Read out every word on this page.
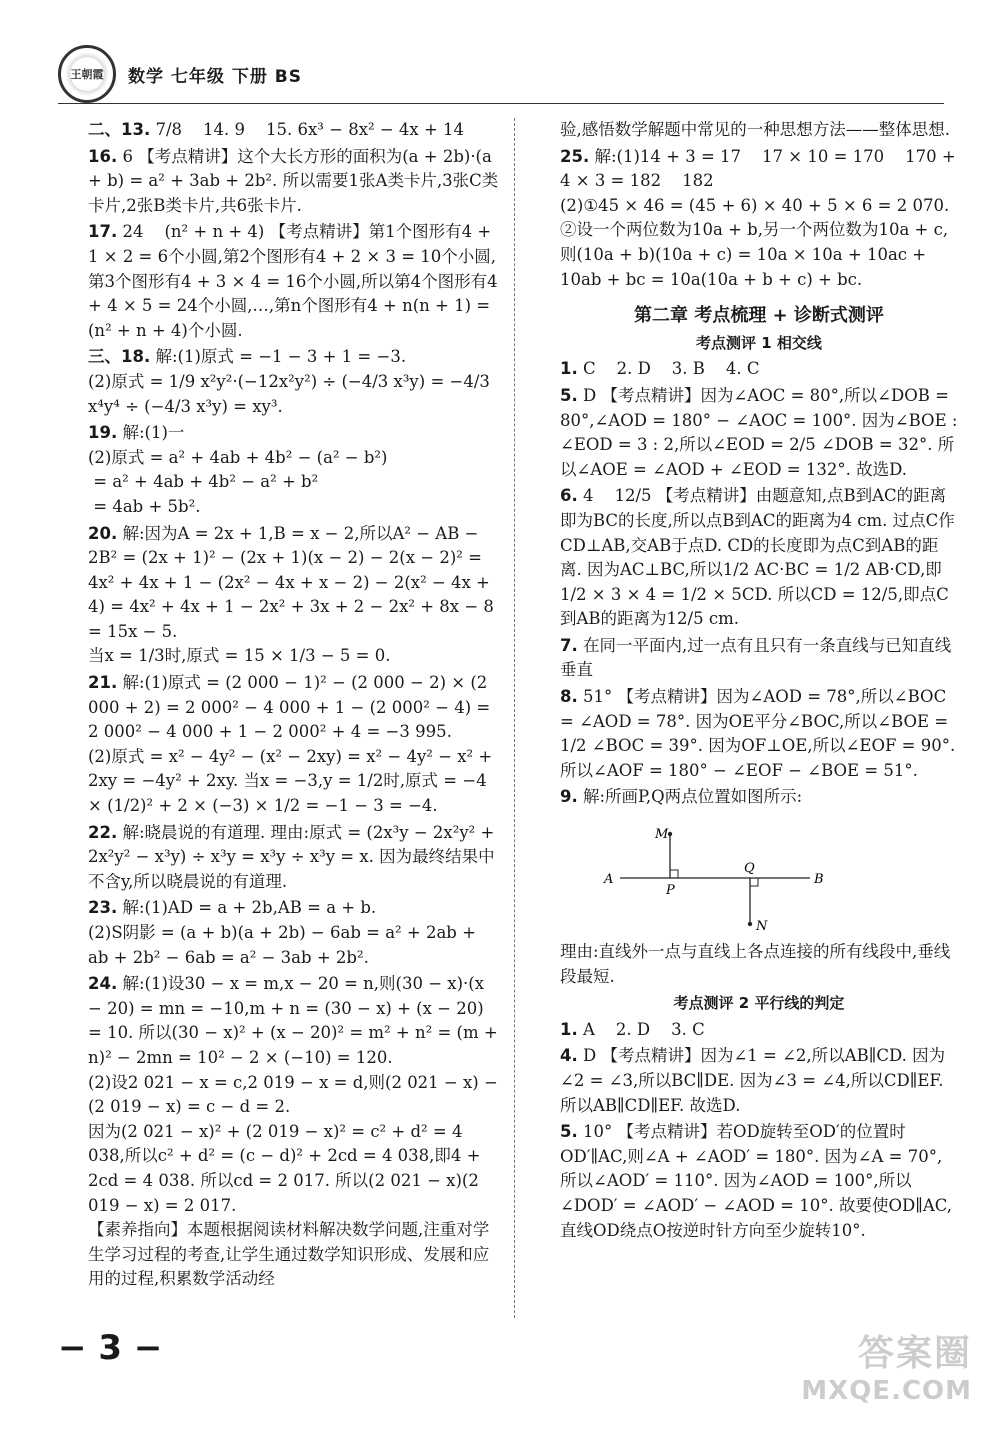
王朝霞 数学 七年级 下册 BS
二、13. 7/8    14. 9    15. 6x³ − 8x² − 4x + 14
16. 6 【考点精讲】这个大长方形的面积为(a + 2b)·(a + b) = a² + 3ab + 2b². 所以需要1张A类卡片,3张C类卡片,2张B类卡片,共6张卡片.
17. 24    (n² + n + 4) 【考点精讲】第1个图形有4 + 1 × 2 = 6个小圆,第2个图形有4 + 2 × 3 = 10个小圆,第3个图形有4 + 3 × 4 = 16个小圆,所以第4个图形有4 + 4 × 5 = 24个小圆,…,第n个图形有4 + n(n + 1) = (n² + n + 4)个小圆.
三、18. 解:(1)原式 = −1 − 3 + 1 = −3.
(2)原式 = 1/9 x²y²·(−12x²y²) ÷ (−4/3 x³y) = −4/3 x⁴y⁴ ÷ (−4/3 x³y) = xy³.
19. 解:(1)一
(2)原式 = a² + 4ab + 4b² − (a² − b²)
= a² + 4ab + 4b² − a² + b²
= 4ab + 5b².
20. 解:因为A = 2x + 1,B = x − 2,所以A² − AB − 2B² = (2x + 1)² − (2x + 1)(x − 2) − 2(x − 2)² = 4x² + 4x + 1 − (2x² − 4x + x − 2) − 2(x² − 4x + 4) = 4x² + 4x + 1 − 2x² + 3x + 2 − 2x² + 8x − 8 = 15x − 5.
当x = 1/3时,原式 = 15 × 1/3 − 5 = 0.
21. 解:(1)原式 = (2 000 − 1)² − (2 000 − 2) × (2 000 + 2) = 2 000² − 4 000 + 1 − (2 000² − 4) = 2 000² − 4 000 + 1 − 2 000² + 4 = −3 995.
(2)原式 = x² − 4y² − (x² − 2xy) = x² − 4y² − x² + 2xy = −4y² + 2xy. 当x = −3,y = 1/2时,原式 = −4 × (1/2)² + 2 × (−3) × 1/2 = −1 − 3 = −4.
22. 解:晓晨说的有道理. 理由:原式 = (2x³y − 2x²y² + 2x²y² − x³y) ÷ x³y = x³y ÷ x³y = x. 因为最终结果中不含y,所以晓晨说的有道理.
23. 解:(1)AD = a + 2b,AB = a + b.
(2)S阴影 = (a + b)(a + 2b) − 6ab = a² + 2ab + ab + 2b² − 6ab = a² − 3ab + 2b².
24. 解:(1)设30 − x = m,x − 20 = n,则(30 − x)·(x − 20) = mn = −10,m + n = (30 − x) + (x − 20) = 10. 所以(30 − x)² + (x − 20)² = m² + n² = (m + n)² − 2mn = 10² − 2 × (−10) = 120.
(2)设2 021 − x = c,2 019 − x = d,则(2 021 − x) − (2 019 − x) = c − d = 2.
因为(2 021 − x)² + (2 019 − x)² = c² + d² = 4 038,所以c² + d² = (c − d)² + 2cd = 4 038,即4 + 2cd = 4 038. 所以cd = 2 017. 所以(2 021 − x)(2 019 − x) = 2 017.
【素养指向】本题根据阅读材料解决数学问题,注重对学生学习过程的考查,让学生通过数学知识形成、发展和应用的过程,积累数学活动经
验,感悟数学解题中常见的一种思想方法——整体思想.
25. 解:(1)14 + 3 = 17    17 × 10 = 170    170 + 4 × 3 = 182    182
(2)①45 × 46 = (45 + 6) × 40 + 5 × 6 = 2 070.
②设一个两位数为10a + b,另一个两位数为10a + c,则(10a + b)(10a + c) = 10a × 10a + 10ac + 10ab + bc = 10a(10a + b + c) + bc.
第二章 考点梳理 + 诊断式测评
考点测评 1 相交线
1. C    2. D    3. B    4. C
5. D 【考点精讲】因为∠AOC = 80°,所以∠DOB = 80°,∠AOD = 180° − ∠AOC = 100°. 因为∠BOE : ∠EOD = 3 : 2,所以∠EOD = 2/5 ∠DOB = 32°. 所以∠AOE = ∠AOD + ∠EOD = 132°. 故选D.
6. 4    12/5 【考点精讲】由题意知,点B到AC的距离即为BC的长度,所以点B到AC的距离为4 cm. 过点C作CD⊥AB,交AB于点D. CD的长度即为点C到AB的距离. 因为AC⊥BC,所以1/2 AC·BC = 1/2 AB·CD,即1/2 × 3 × 4 = 1/2 × 5CD. 所以CD = 12/5,即点C到AB的距离为12/5 cm.
7. 在同一平面内,过一点有且只有一条直线与已知直线垂直
8. 51° 【考点精讲】因为∠AOD = 78°,所以∠BOC = ∠AOD = 78°. 因为OE平分∠BOC,所以∠BOE = 1/2 ∠BOC = 39°. 因为OF⊥OE,所以∠EOF = 90°. 所以∠AOF = 180° − ∠EOF − ∠BOE = 51°.
9. 解:所画P,Q两点位置如图所示:
M
A
P
Q
B
N
理由:直线外一点与直线上各点连接的所有线段中,垂线段最短.
考点测评 2 平行线的判定
1. A    2. D    3. C
4. D 【考点精讲】因为∠1 = ∠2,所以AB∥CD. 因为∠2 = ∠3,所以BC∥DE. 因为∠3 = ∠4,所以CD∥EF. 所以AB∥CD∥EF. 故选D.
5. 10° 【考点精讲】若OD旋转至OD′的位置时OD′∥AC,则∠A + ∠AOD′ = 180°. 因为∠A = 70°,所以∠AOD′ = 110°. 因为∠AOD = 100°,所以∠DOD′ = ∠AOD′ − ∠AOD = 10°. 故要使OD∥AC,直线OD绕点O按逆时针方向至少旋转10°.
− 3 −	答案圈
MXQE.COM
